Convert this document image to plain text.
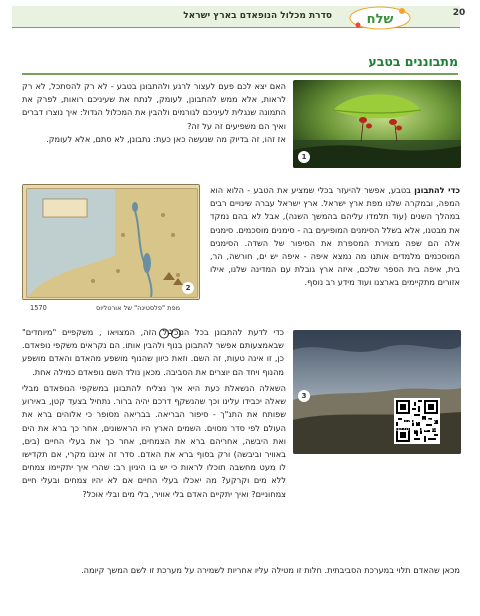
20
סדרת מכלול הנופאדם בארץ ישראל	שלח
מתבוננים בטבע
האם יצא לכם פעם לעצור לרגע ולהתבונן בטבע - לא רק להסתכל, לא רק לראות, אלא ממש להתבונן, לעומק, לנתח את שעיניכם רואות, לפרק את התמונה שנגלית לעיניכם לגורמים ולהבין את המכלול הגדול: איך נוצרו דברים ואיך הם משפיעים זה על זה?
אז זהו, זה בדיוק מה שנעשה כאן כעת: נתבונן, לא סתם, אלא לעומק.
1
כדי להתבונן בטבע, אפשר להיעזר בכלי שמציע את הטבע - הלוא הוא המפה, ובמקרה שלנו מפת ארץ ישראל. ארץ ישראל עברה שינויים רבים במהלך השנים (עוד תלמדו עליהם בהמשך השנה), אבל לא בהם נמקד את מבטנו, אלא בשלל הסימנים המופיעים בה - סימנים מוסכמים. סימנים אלה הם שפה מצוירת המספרת את הסיפור של השדה. הסימנים המוסכמים מלמדים אותנו מה נמצא איפה - איפה יש ים, חורשה, הר, בית, איפה בית הספר שלכם, איזה ארץ גובלת עם המדינה שלנו, אילו אזורים מתקיימים בארצנו ועוד מידע רב נוסף.
2
1570	מפת "פלסטינה" של אורטליוס
כדי לדעת להתבונן בכל המכלול הזה, המצויאו , משקפיים "מיוחדים" שבאמצעותם אפשר להתבונן בנוף ולהבין אותו. הם נקראים משקפי נופאדם. כן, זו אינה טעות, זה השם. וזאת כיוון שהנוף מושפע מהאדם והאדם מושפע מהנוף ויחד הם יוצרים את הסביבה. מכאן נולד השם נופאדם כמילה אחת.
3
צילום: הגולן
מרשת אורטליוס
השאלה הנשאלת כעת היא איך נצליח להתבונן במשקפי הנופאדם מבלי שאלה יכבידו עלינו וכך שהנשקף דרכם יהיה ברור. נתחיל בצעד קטן, באירוע שפותח את התנ"ך - סיפור הבריאה. בבריאה מסופר כי אלוהים ברא את העולם לפי סדר מסוים. השמים הארץ היו הראשונים, אחר כך ברא את הים ואת היבשה, אחריהם ברא את הצמחים, אחר כך את בעלי החיים (בים, באוויר וביבשה) ורק בסוף ברא את האדם. סדר זה איננו מקרי, אם תקדישו לו מעט מחשבה תוכלו לראות כי יש בו היגיון רב: שהרי איך יתקיימו צמחים ללא מים וקרקע? מה יאכלו בעלי החיים אם לא יהיו צמחים ובעלי חיים צמחוניים? ואיך יתקיים האדם בלי אוויר, בלי מים ובלי אוכל?
מכאן שהאדם תלוי במערכת הסביבתית. חלות זו מטילה עליו אחריות לשמירה על מערכת זו לשם המשך קיומה.
